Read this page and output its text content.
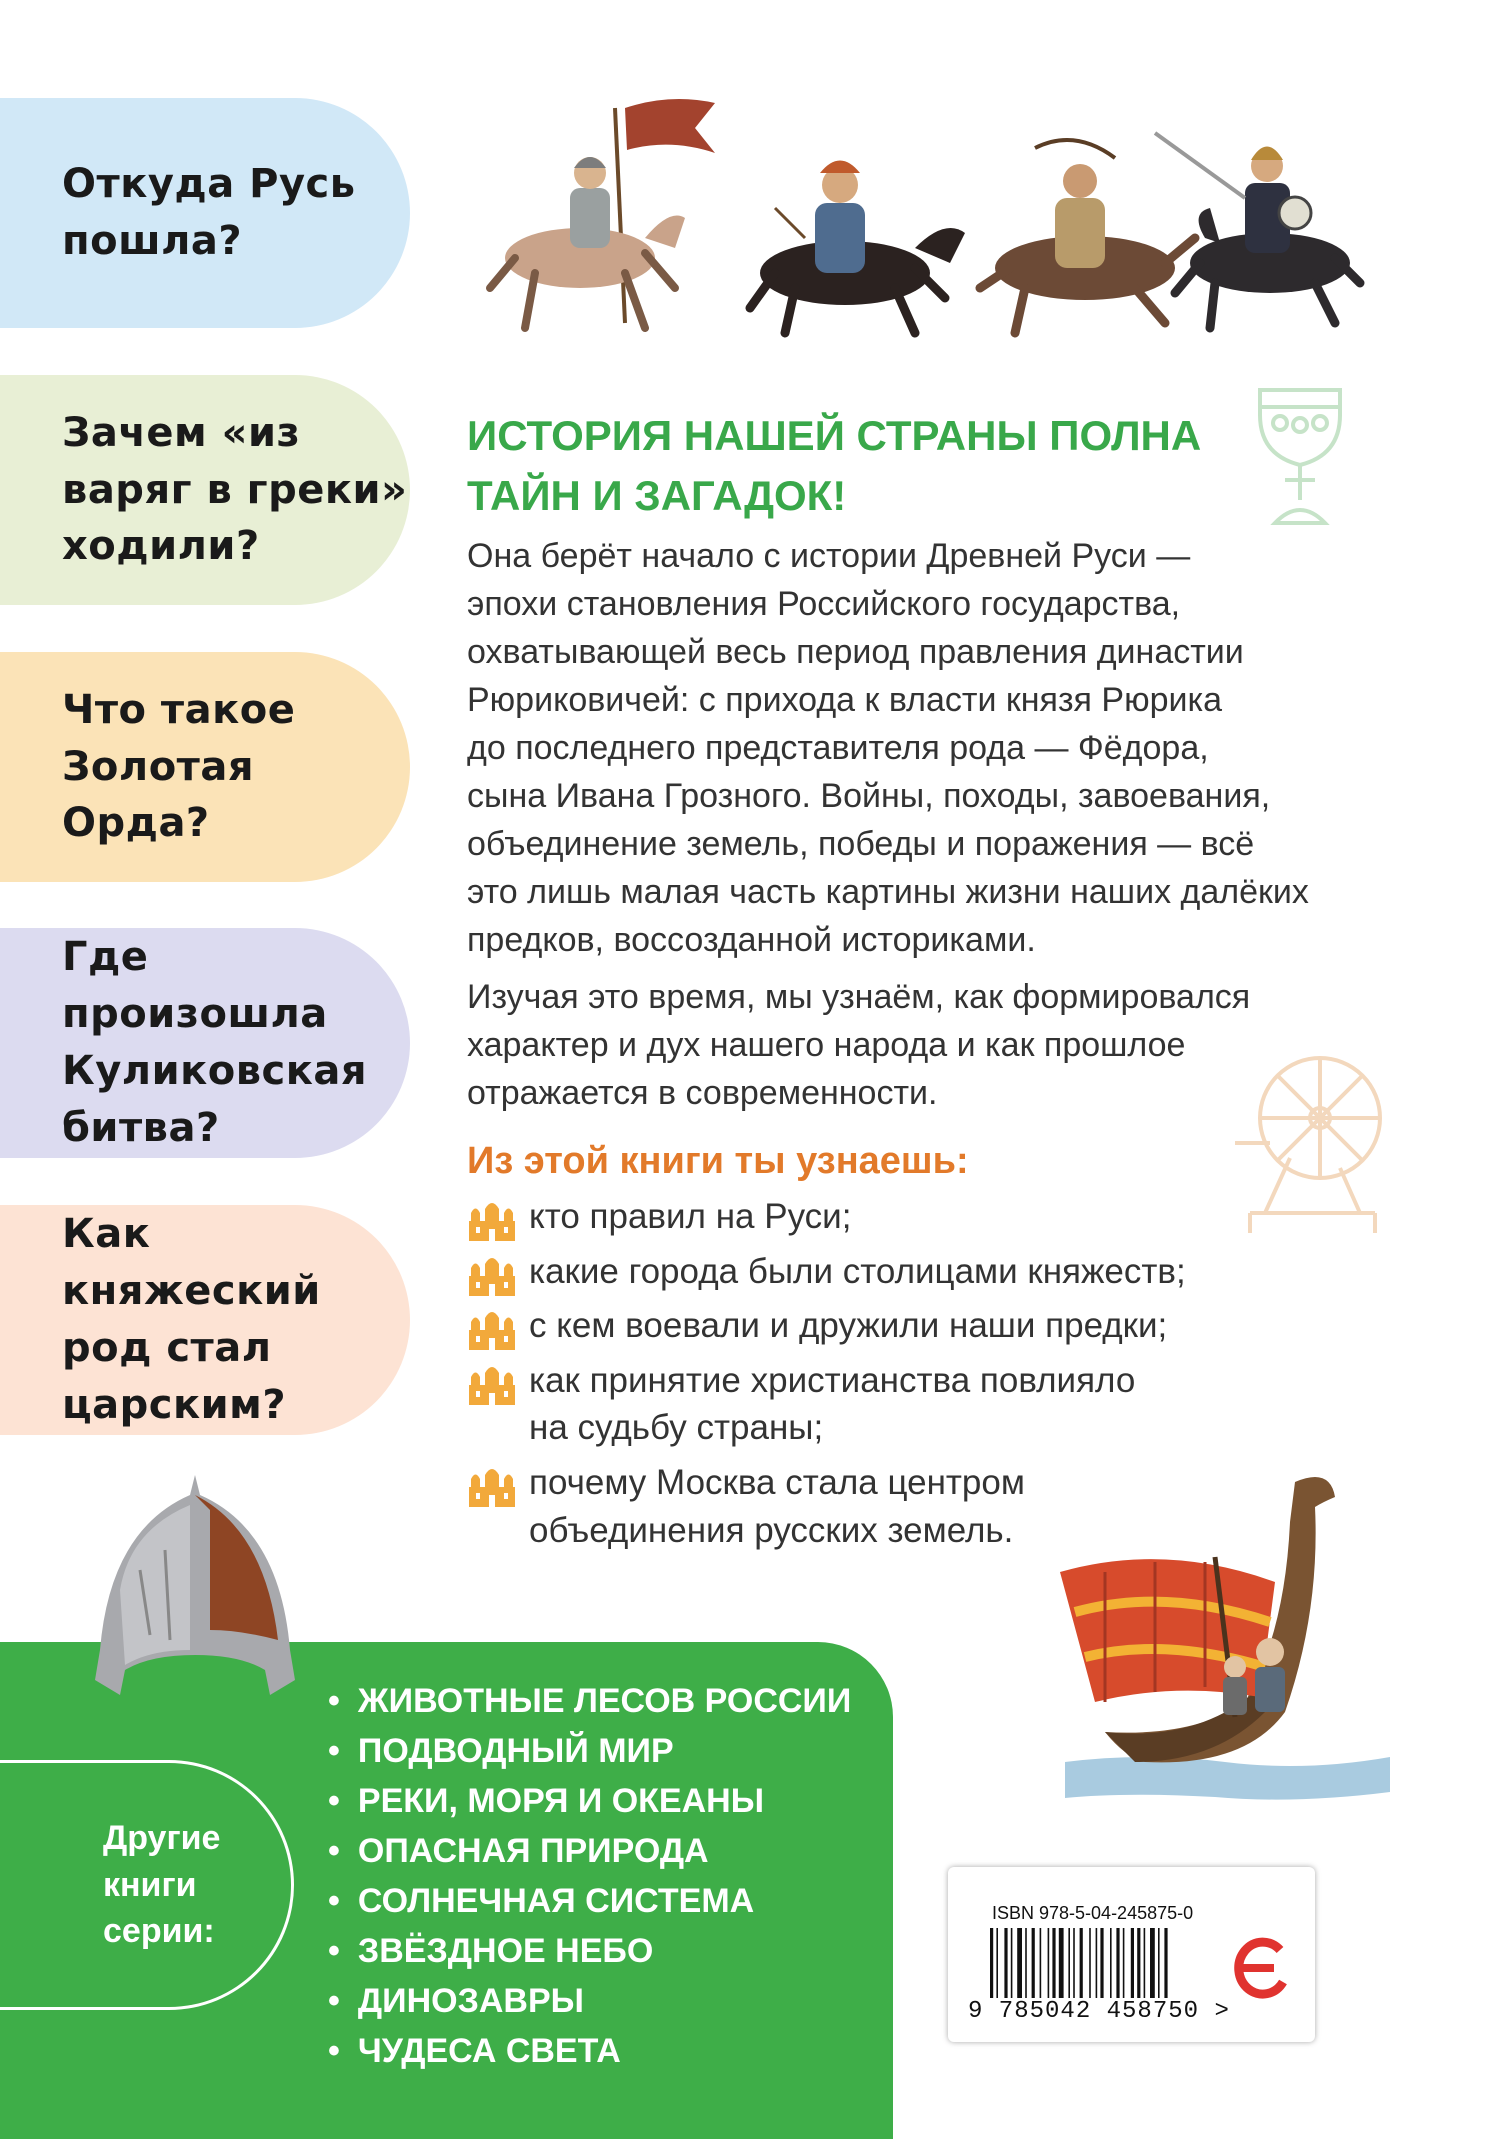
Откуда Русь
пошла?
Зачем «из
варяг в греки»
ходили?
Что такое
Золотая Орда?
Где произошла
Куликовская
битва?
Как княжеский
род стал
царским?
ИСТОРИЯ НАШЕЙ СТРАНЫ ПОЛНА
ТАЙН И ЗАГАДОК!

Она берёт начало с истории Древней Руси —
эпохи становления Российского государства,
охватывающей весь период правления династии
Рюриковичей: с прихода к власти князя Рюрика
до последнего представителя рода — Фёдора,
сына Ивана Грозного. Войны, походы, завоевания,
объединение земель, победы и поражения — всё
это лишь малая часть картины жизни наших далёких
предков, воссозданной историками.

Изучая это время, мы узнаём, как формировался
характер и дух нашего народа и как прошлое
отражается в современности.

Из этой книги ты узнаешь:
кто правил на Руси;
какие города были столицами княжеств;
с кем воевали и дружили наши предки;
как принятие христианства повлияло
на судьбу страны;
почему Москва стала центром
объединения русских земель.
Другие
книги
серии:
• ЖИВОТНЫЕ ЛЕСОВ РОССИИ
• ПОДВОДНЫЙ МИР
• РЕКИ, МОРЯ И ОКЕАНЫ
• ОПАСНАЯ ПРИРОДА
• СОЛНЕЧНАЯ СИСТЕМА
• ЗВЁЗДНОЕ НЕБО
• ДИНОЗАВРЫ
• ЧУДЕСА СВЕТА
ISBN 978-5-04-245875-0
9 785042 458750 >
